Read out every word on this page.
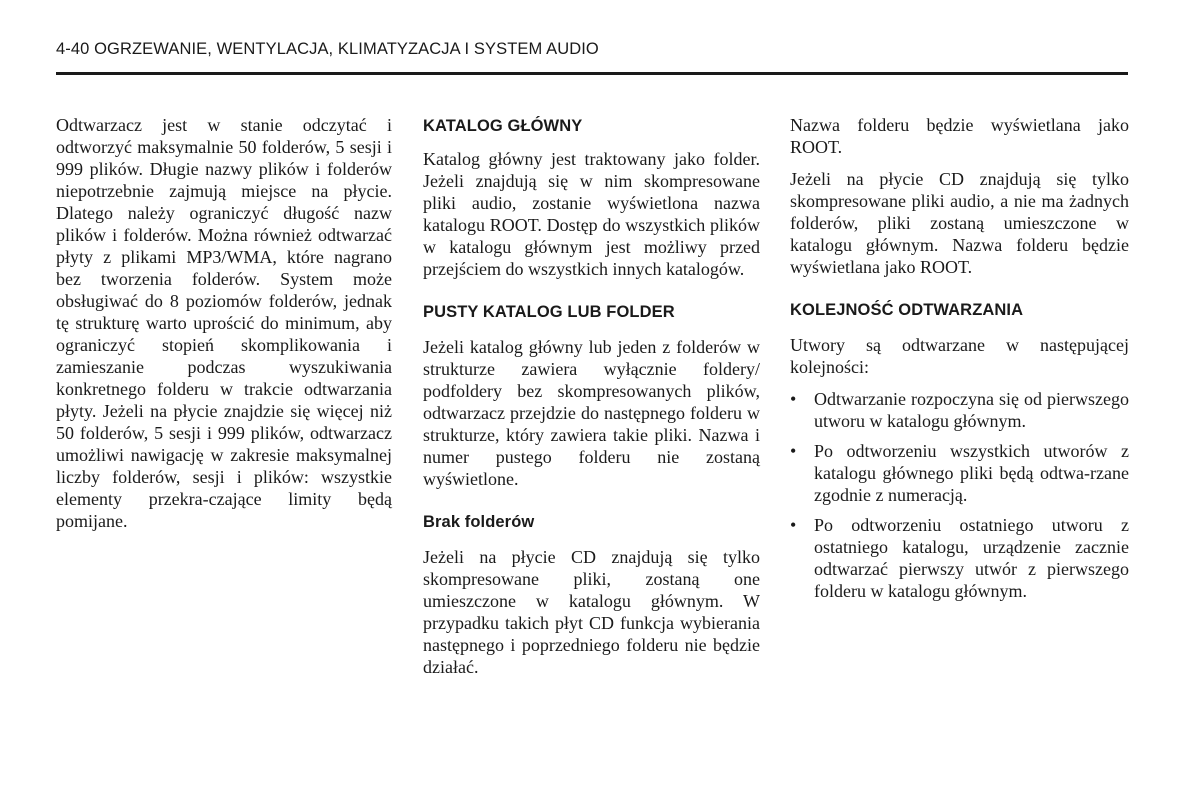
4-40 OGRZEWANIE, WENTYLACJA, KLIMATYZACJA I SYSTEM AUDIO

Odtwarzacz jest w stanie odczytać i odtworzyć maksymalnie 50 folderów, 5 sesji i 999 plików. Długie nazwy plików i folderów niepotrzebnie zajmują miejsce na płycie. Dlatego należy ograniczyć długość nazw plików i folderów. Można również odtwarzać płyty z plikami MP3/WMA, które nagrano bez tworzenia folderów. System może obsługiwać do 8 poziomów folderów, jednak tę strukturę warto uprościć do minimum, aby ograniczyć stopień skomplikowania i zamieszanie podczas wyszukiwania konkretnego folderu w trakcie odtwarzania płyty. Jeżeli na płycie znajdzie się więcej niż 50 folderów, 5 sesji i 999 plików, odtwarzacz umożliwi nawigację w zakresie maksymalnej liczby folderów, sesji i plików: wszystkie elementy przekra-czające limity będą pomijane.

KATALOG GŁÓWNY

Katalog główny jest traktowany jako folder. Jeżeli znajdują się w nim skompresowane pliki audio, zostanie wyświetlona nazwa katalogu ROOT. Dostęp do wszystkich plików w katalogu głównym jest możliwy przed przejściem do wszystkich innych katalogów.

PUSTY KATALOG LUB FOLDER

Jeżeli katalog główny lub jeden z folderów w strukturze zawiera wyłącznie foldery/ podfoldery bez skompresowanych plików, odtwarzacz przejdzie do następnego folderu w strukturze, który zawiera takie pliki. Nazwa i numer pustego folderu nie zostaną wyświetlone.

Brak folderów

Jeżeli na płycie CD znajdują się tylko skompresowane pliki, zostaną one umieszczone w katalogu głównym. W przypadku takich płyt CD funkcja wybierania następnego i poprzedniego folderu nie będzie działać.

Nazwa folderu będzie wyświetlana jako ROOT.

Jeżeli na płycie CD znajdują się tylko skompresowane pliki audio, a nie ma żadnych folderów, pliki zostaną umieszczone w katalogu głównym. Nazwa folderu będzie wyświetlana jako ROOT.

KOLEJNOŚĆ ODTWARZANIA

Utwory są odtwarzane w następującej kolejności:

• Odtwarzanie rozpoczyna się od pierwszego utworu w katalogu głównym.
• Po odtworzeniu wszystkich utworów z katalogu głównego pliki będą odtwa-rzane zgodnie z numeracją.
• Po odtworzeniu ostatniego utworu z ostatniego katalogu, urządzenie zacznie odtwarzać pierwszy utwór z pierwszego folderu w katalogu głównym.
